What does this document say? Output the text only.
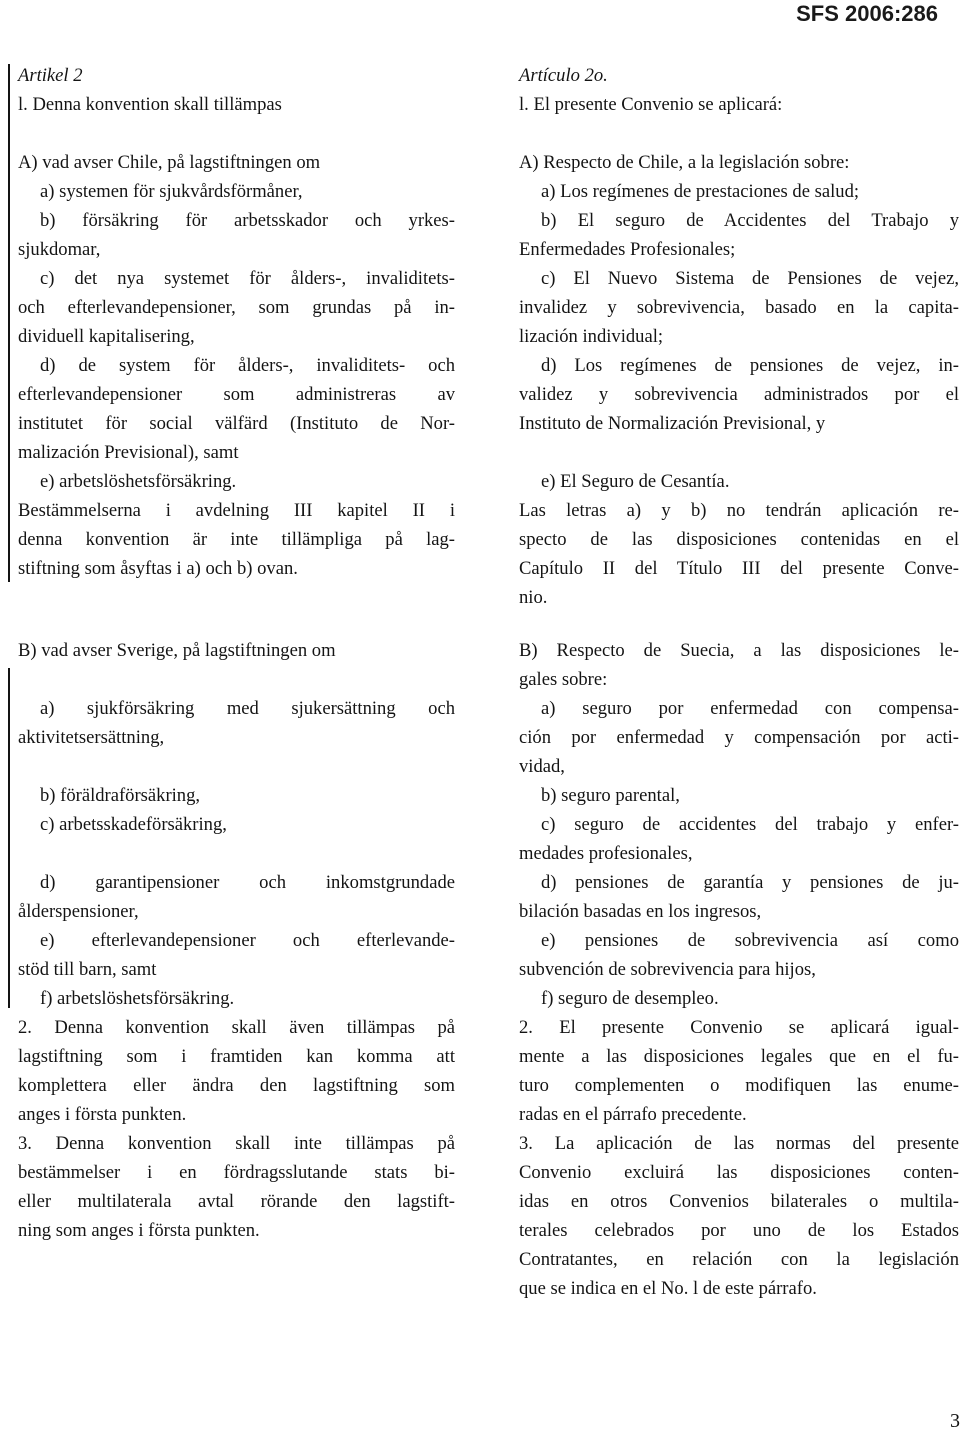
SFS 2006:286
Artikel 2
l. Denna konvention skall tillämpas
A) vad avser Chile, på lagstiftningen om
a) systemen för sjukvårdsförmåner,
b) försäkring för arbetsskador och yrkes-
sjukdomar,
c) det nya systemet för ålders-, invaliditets-
och efterlevandepensioner, som grundas på in-
dividuell kapitalisering,
d) de system för ålders-, invaliditets- och
efterlevandepensioner som administreras av
institutet för social välfärd (Instituto de Nor-
malización Previsional), samt
e) arbetslöshetsförsäkring.
Bestämmelserna i avdelning III kapitel II i
denna konvention är inte tillämpliga på lag-
stiftning som åsyftas i a) och b) ovan.
B) vad avser Sverige, på lagstiftningen om
a) sjukförsäkring med sjukersättning och
aktivitetsersättning,
b) föräldraförsäkring,
c) arbetsskadeförsäkring,
d) garantipensioner och inkomstgrundade
ålderspensioner,
e) efterlevandepensioner och efterlevande-
stöd till barn, samt
f) arbetslöshetsförsäkring.
2. Denna konvention skall även tillämpas på
lagstiftning som i framtiden kan komma att
komplettera eller ändra den lagstiftning som
anges i första punkten.
3. Denna konvention skall inte tillämpas på
bestämmelser i en fördragsslutande stats bi-
eller multilaterala avtal rörande den lagstift-
ning som anges i första punkten.
Artículo 2o.
l. El presente Convenio se aplicará:
A) Respecto de Chile, a la legislación sobre:
a) Los regímenes de prestaciones de salud;
b) El seguro de Accidentes del Trabajo y
Enfermedades Profesionales;
c) El Nuevo Sistema de Pensiones de vejez,
invalidez y sobrevivencia, basado en la capita-
lización individual;
d) Los regímenes de pensiones de vejez, in-
validez y sobrevivencia administrados por el
Instituto de Normalización Previsional, y
e) El Seguro de Cesantía.
Las letras a) y b) no tendrán aplicación re-
specto de las disposiciones contenidas en el
Capítulo II del Título III del presente Conve-
nio.
B) Respecto de Suecia, a las disposiciones le-
gales sobre:
a) seguro por enfermedad con compensa-
ción por enfermedad y compensación por acti-
vidad,
b) seguro parental,
c) seguro de accidentes del trabajo y enfer-
medades profesionales,
d) pensiones de garantía y pensiones de ju-
bilación basadas en los ingresos,
e) pensiones de sobrevivencia así como
subvención de sobrevivencia para hijos,
f) seguro de desempleo.
2. El presente Convenio se aplicará igual-
mente a las disposiciones legales que en el fu-
turo complementen o modifiquen las enume-
radas en el párrafo precedente.
3. La aplicación de las normas del presente
Convenio excluirá las disposiciones conten-
idas en otros Convenios bilaterales o multila-
terales celebrados por uno de los Estados
Contratantes, en relación con la legislación
que se indica en el No. l de este párrafo.
3
